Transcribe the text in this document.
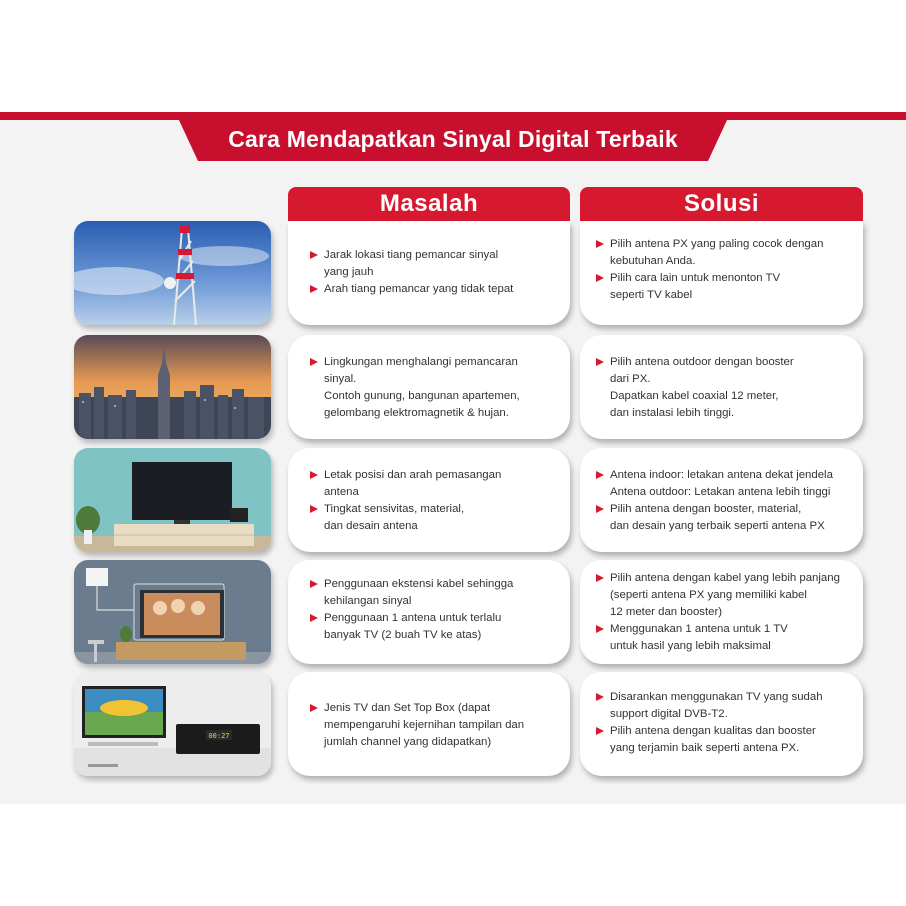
Cara Mendapatkan Sinyal Digital Terbaik
Masalah	Solusi
00:27
Jarak lokasi tiang pemancar sinyal
yang jauh
Arah tiang pemancar yang tidak tepat
Pilih antena PX yang paling cocok dengan
kebutuhan Anda.
Pilih cara lain untuk menonton TV
seperti TV kabel
Lingkungan menghalangi pemancaran
sinyal.
Contoh gunung, bangunan apartemen,
gelombang elektromagnetik & hujan.
Pilih antena outdoor dengan booster
dari PX.
Dapatkan kabel coaxial 12 meter,
dan instalasi lebih tinggi.
Letak posisi dan arah pemasangan
antena
Tingkat sensivitas, material,
dan desain antena
Antena indoor: letakan antena dekat jendela
Antena outdoor: Letakan antena lebih tinggi
Pilih antena dengan booster, material,
dan desain yang terbaik seperti antena PX
Penggunaan ekstensi kabel sehingga
kehilangan sinyal
Penggunaan 1 antena untuk terlalu
banyak TV (2 buah TV ke atas)
Pilih antena dengan kabel yang lebih panjang
(seperti antena PX yang memiliki kabel
12 meter dan booster)
Menggunakan 1 antena untuk 1 TV
untuk hasil yang lebih maksimal
Jenis TV dan Set Top Box (dapat
mempengaruhi kejernihan tampilan dan
jumlah channel yang didapatkan)
Disarankan menggunakan TV yang sudah
support digital DVB-T2.
Pilih antena dengan kualitas dan booster
yang terjamin baik seperti antena PX.
